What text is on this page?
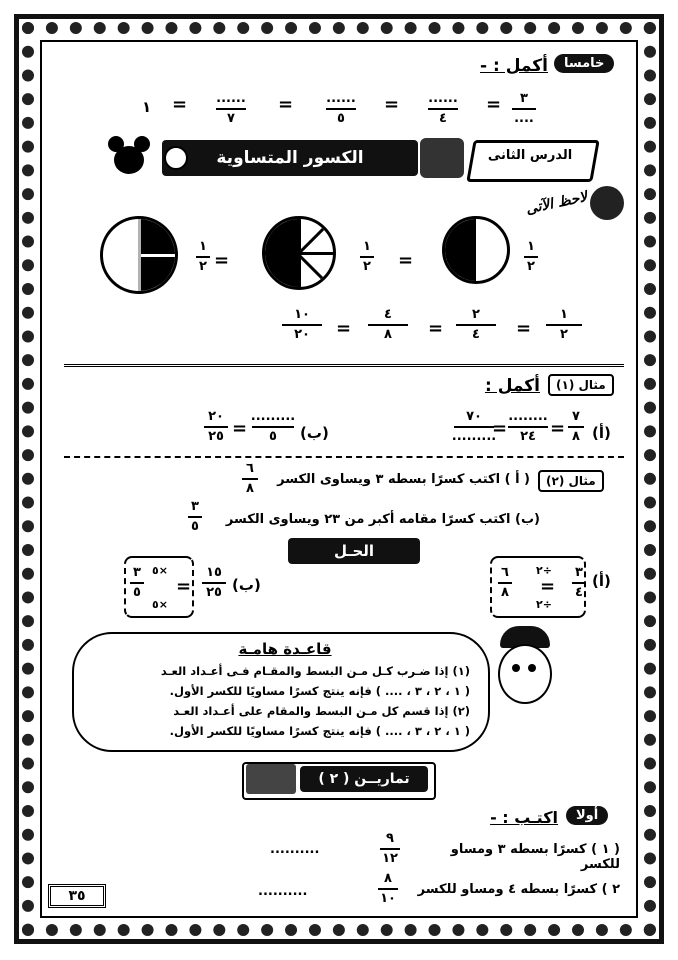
خامسا
أكمل : -
٣
....
=
......
٤
=
......
٥
=
......
٧
=
١
الدرس الثانى
الكسور المتساوية
لاحظ الآتى
١
٢
=
١
٢
١
٢ =
١
٢
=
٢
٤
=
٤
٨
=
١٠
٢٠
مثال (١)
أكمل :
(أ)
٧
٨
=
........
٢٤
=
٧٠
.........
(ب)
.........
٥
=
٢٠
٢٥
مثال (٢)
( أ ) اكتب كسرًا بسطه ٣ ويساوى الكسر
٦
٨
(ب) اكتب كسرًا مقامه أكبر من ٢٣ ويساوى الكسر
٣
٥
الحـل
(أ)
٣
٤
٢÷
=
٢÷
٦
٨
(ب)
١٥
٢٥
=
٥×
٥×
٣
٥
قاعـدة هامـة
(١) إذا ضـرب كـل مـن البسط والمقـام فـى أعـداد العـد
( ١ ، ٢ ، ٣ ، .... ) فإنه ينتج كسرًا مساويًا للكسر الأول.
(٢) إذا قسم كل مـن البسط والمقام على أعـداد العـد
( ١ ، ٢ ، ٣ ، .... ) فإنه ينتج كسرًا مساويًا للكسر الأول.
تماريــن ( ٢ )
أولا
اكتـب : -
( ١ ) كسرًا بسطه ٣ ومساو للكسر
٩
١٢
..........
٢ ) كسرًا بسطه ٤ ومساو للكسر
٨
١٠
..........
٣٥
